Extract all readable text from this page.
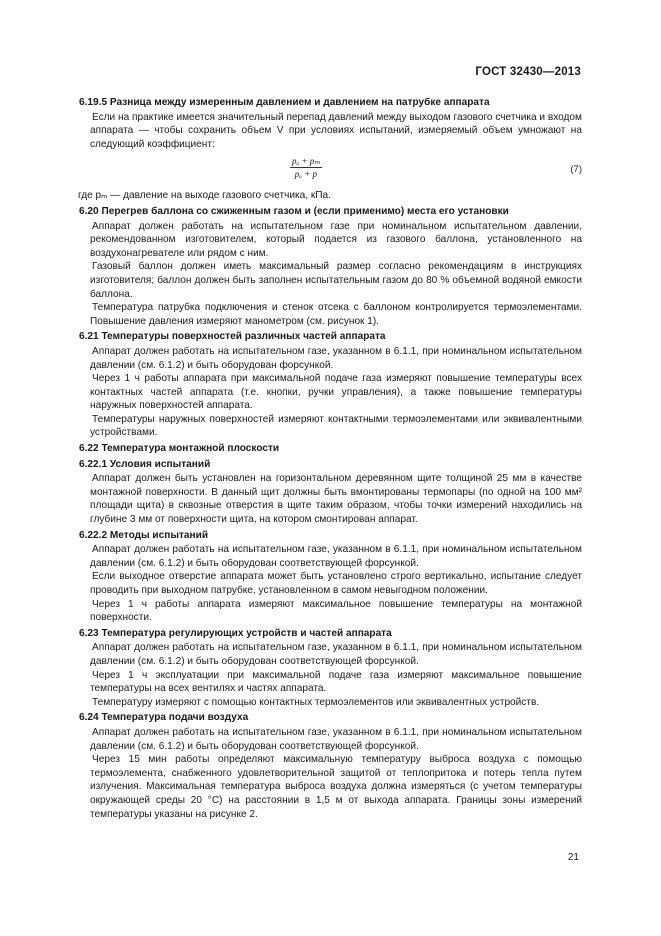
ГОСТ 32430—2013
6.19.5 Разница между измеренным давлением и давлением на патрубке аппарата

Если на практике имеется значительный перепад давлений между выходом газового счетчика и входом аппарата — чтобы сохранить объем V при условиях испытаний, измеряемый объем умножают на следующий коэффициент:

$\frac{\text{pₐ + pₘ}}{\text{pₐ + p}}$	(7)

где pₘ — давление на выходе газового счетчика, кПа.

6.20 Перегрев баллона со сжиженным газом и (если применимо) места его установки

Аппарат должен работать на испытательном газе при номинальном испытательном давлении, рекомендованном изготовителем, который подается из газового баллона, установленного на воздухонагревателе или рядом с ним.

Газовый баллон должен иметь максимальный размер согласно рекомендациям в инструкциях изготовителя; баллон должен быть заполнен испытательным газом до 80 % объемной водяной емкости баллона.

Температура патрубка подключения и стенок отсека с баллоном контролируется термоэлементами. Повышение давления измеряют манометром (см. рисунок 1).

6.21 Температуры поверхностей различных частей аппарата

Аппарат должен работать на испытательном газе, указанном в 6.1.1, при номинальном испытательном давлении (см. 6.1.2) и быть оборудован форсункой.

Через 1 ч работы аппарата при максимальной подаче газа измеряют повышение температуры всех контактных частей аппарата (т.е. кнопки, ручки управления), а также повышение температуры наружных поверхностей аппарата.

Температуры наружных поверхностей измеряют контактными термоэлементами или эквивалентными устройствами.

6.22 Температура монтажной плоскости
6.22.1 Условия испытаний

Аппарат должен быть установлен на горизонтальном деревянном щите толщиной 25 мм в качестве монтажной поверхности. В данный щит должны быть вмонтированы термопары (по одной на 100 мм² площади щита) в сквозные отверстия в щите таким образом, чтобы точки измерений находились на глубине 3 мм от поверхности щита, на котором смонтирован аппарат.

6.22.2 Методы испытаний

Аппарат должен работать на испытательном газе, указанном в 6.1.1, при номинальном испытательном давлении (см. 6.1.2) и быть оборудован соответствующей форсункой.

Если выходное отверстие аппарата может быть установлено строго вертикально, испытание следует проводить при выходном патрубке, установленном в самом невыгодном положении.

Через 1 ч работы аппарата измеряют максимальное повышение температуры на монтажной поверхности.

6.23 Температура регулирующих устройств и частей аппарата

Аппарат должен работать на испытательном газе, указанном в 6.1.1, при номинальном испытательном давлении (см. 6.1.2) и быть оборудован соответствующей форсункой.

Через 1 ч эксплуатации при максимальной подаче газа измеряют максимальное повышение температуры на всех вентилях и частях аппарата.

Температуру измеряют с помощью контактных термоэлементов или эквивалентных устройств.

6.24 Температура подачи воздуха

Аппарат должен работать на испытательном газе, указанном в 6.1.1, при номинальном испытательном давлении (см. 6.1.2) и быть оборудован соответствующей форсункой.

Через 15 мин работы определяют максимальную температуру выброса воздуха с помощью термоэлемента, снабженного удовлетворительной защитой от теплопритока и потерь тепла путем излучения. Максимальная температура выброса воздуха должна измеряться (с учетом температуры окружающей среды 20 °C) на расстоянии в 1,5 м от выхода аппарата. Границы зоны измерений температуры указаны на рисунке 2.

21
